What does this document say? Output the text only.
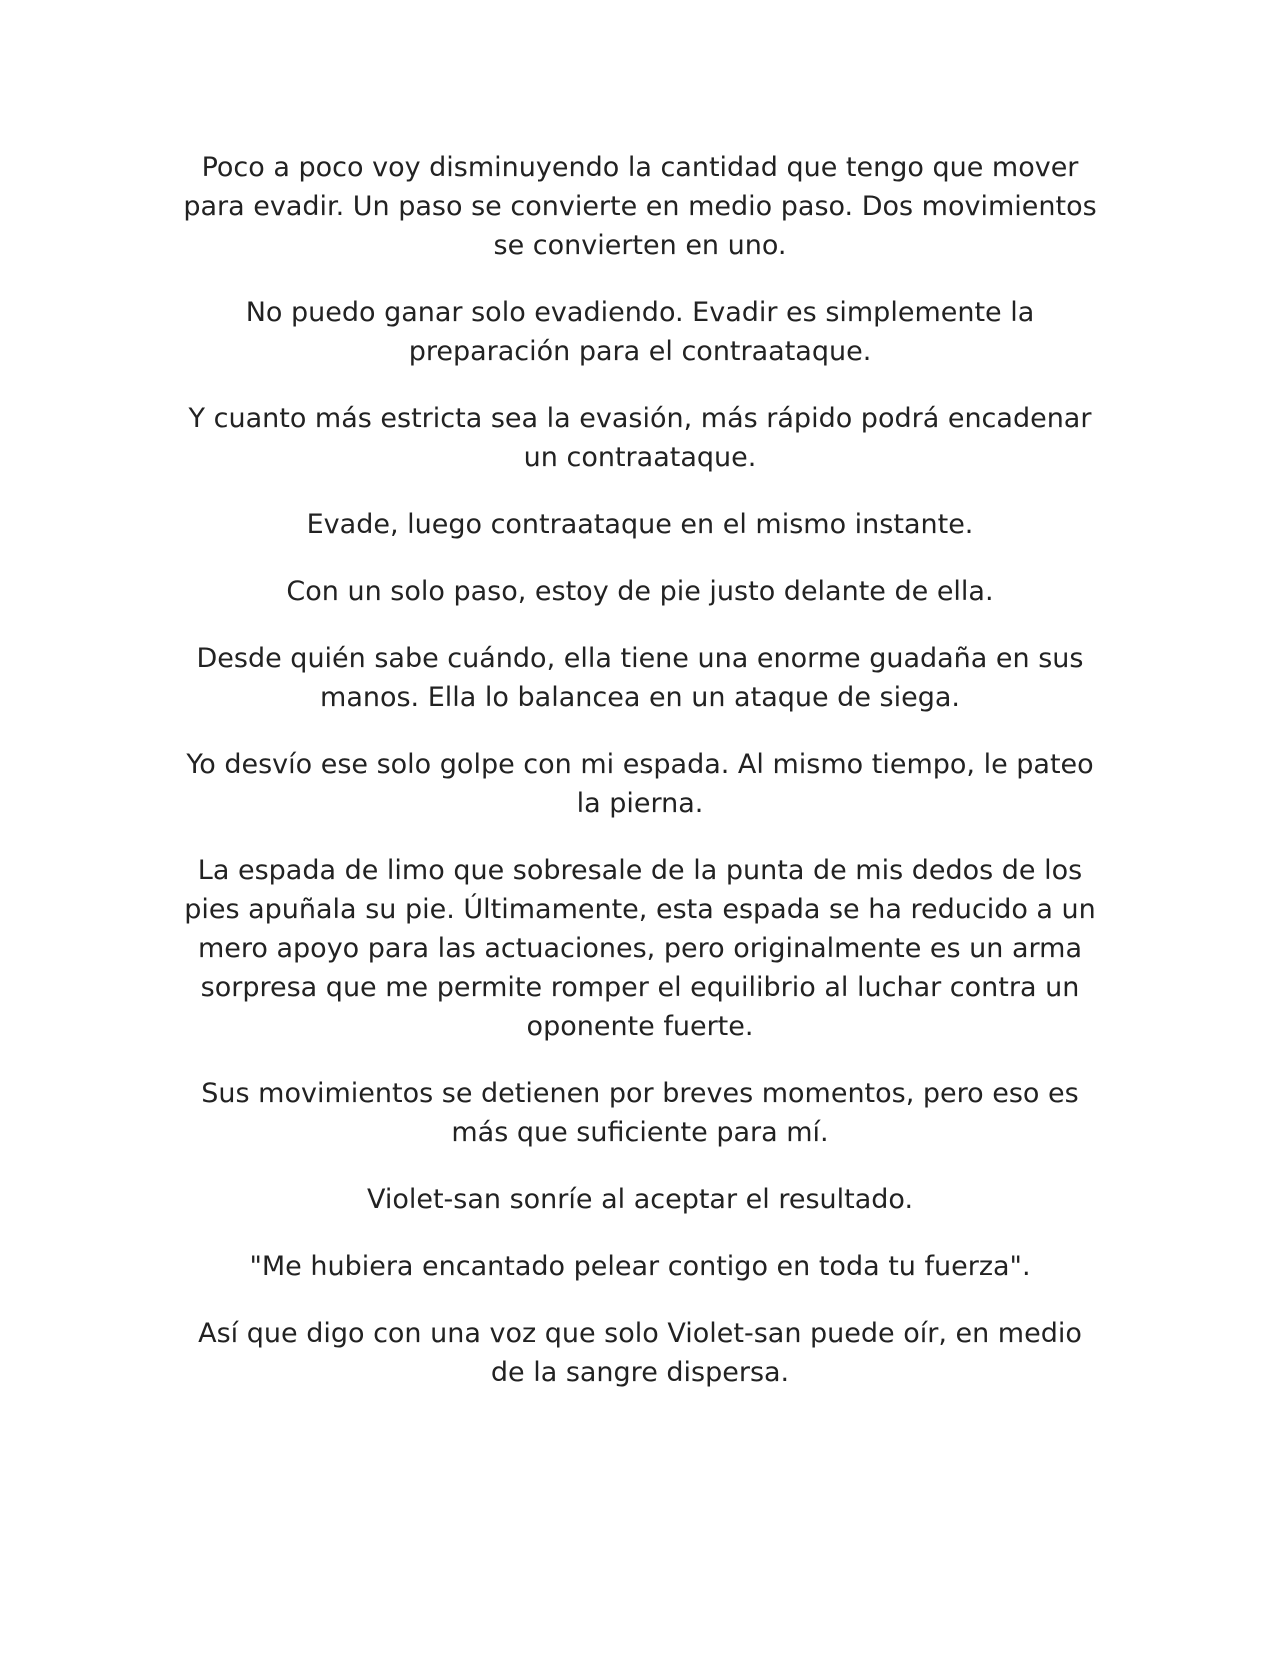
Poco a poco voy disminuyendo la cantidad que tengo que mover para evadir. Un paso se convierte en medio paso. Dos movimientos se convierten en uno.

No puedo ganar solo evadiendo. Evadir es simplemente la preparación para el contraataque.

Y cuanto más estricta sea la evasión, más rápido podrá encadenar un contraataque.

Evade, luego contraataque en el mismo instante.

Con un solo paso, estoy de pie justo delante de ella.

Desde quién sabe cuándo, ella tiene una enorme guadaña en sus manos. Ella lo balancea en un ataque de siega.

Yo desvío ese solo golpe con mi espada. Al mismo tiempo, le pateo la pierna.

La espada de limo que sobresale de la punta de mis dedos de los pies apuñala su pie. Últimamente, esta espada se ha reducido a un mero apoyo para las actuaciones, pero originalmente es un arma sorpresa que me permite romper el equilibrio al luchar contra un oponente fuerte.

Sus movimientos se detienen por breves momentos, pero eso es más que suficiente para mí.

Violet-san sonríe al aceptar el resultado.

"Me hubiera encantado pelear contigo en toda tu fuerza".

Así que digo con una voz que solo Violet-san puede oír, en medio de la sangre dispersa.
